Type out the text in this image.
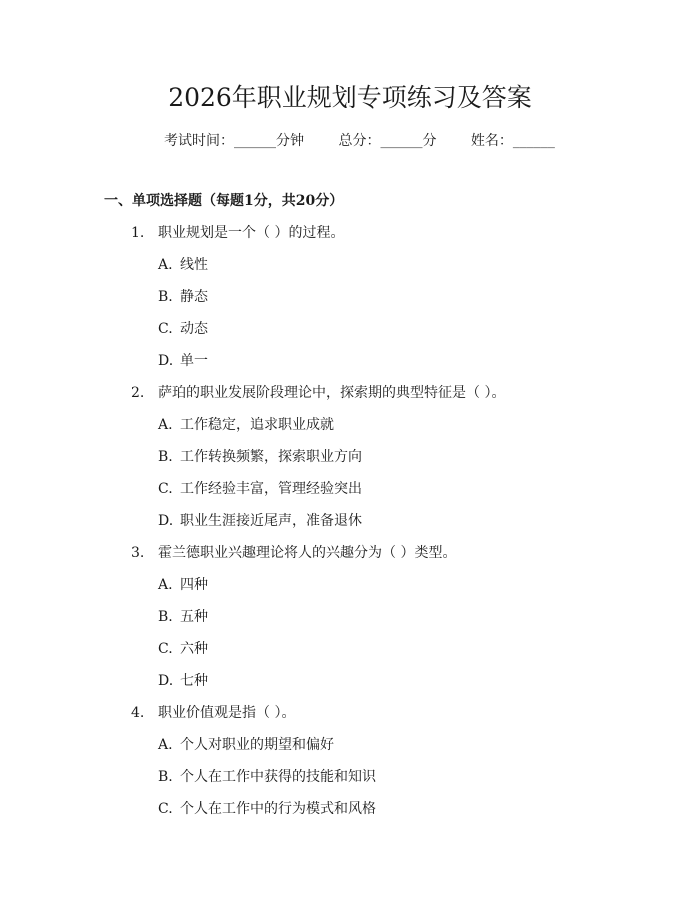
2026年职业规划专项练习及答案
考试时间：______分钟 总分：______分 姓名：______
一、单项选择题（每题1分，共20分）
1. 职业规划是一个（ ）的过程。
A. 线性
B. 静态
C. 动态
D. 单一
2. 萨珀的职业发展阶段理论中，探索期的典型特征是（ ）。
A. 工作稳定，追求职业成就
B. 工作转换频繁，探索职业方向
C. 工作经验丰富，管理经验突出
D. 职业生涯接近尾声，准备退休
3. 霍兰德职业兴趣理论将人的兴趣分为（ ）类型。
A. 四种
B. 五种
C. 六种
D. 七种
4. 职业价值观是指（ ）。
A. 个人对职业的期望和偏好
B. 个人在工作中获得的技能和知识
C. 个人在工作中的行为模式和风格
